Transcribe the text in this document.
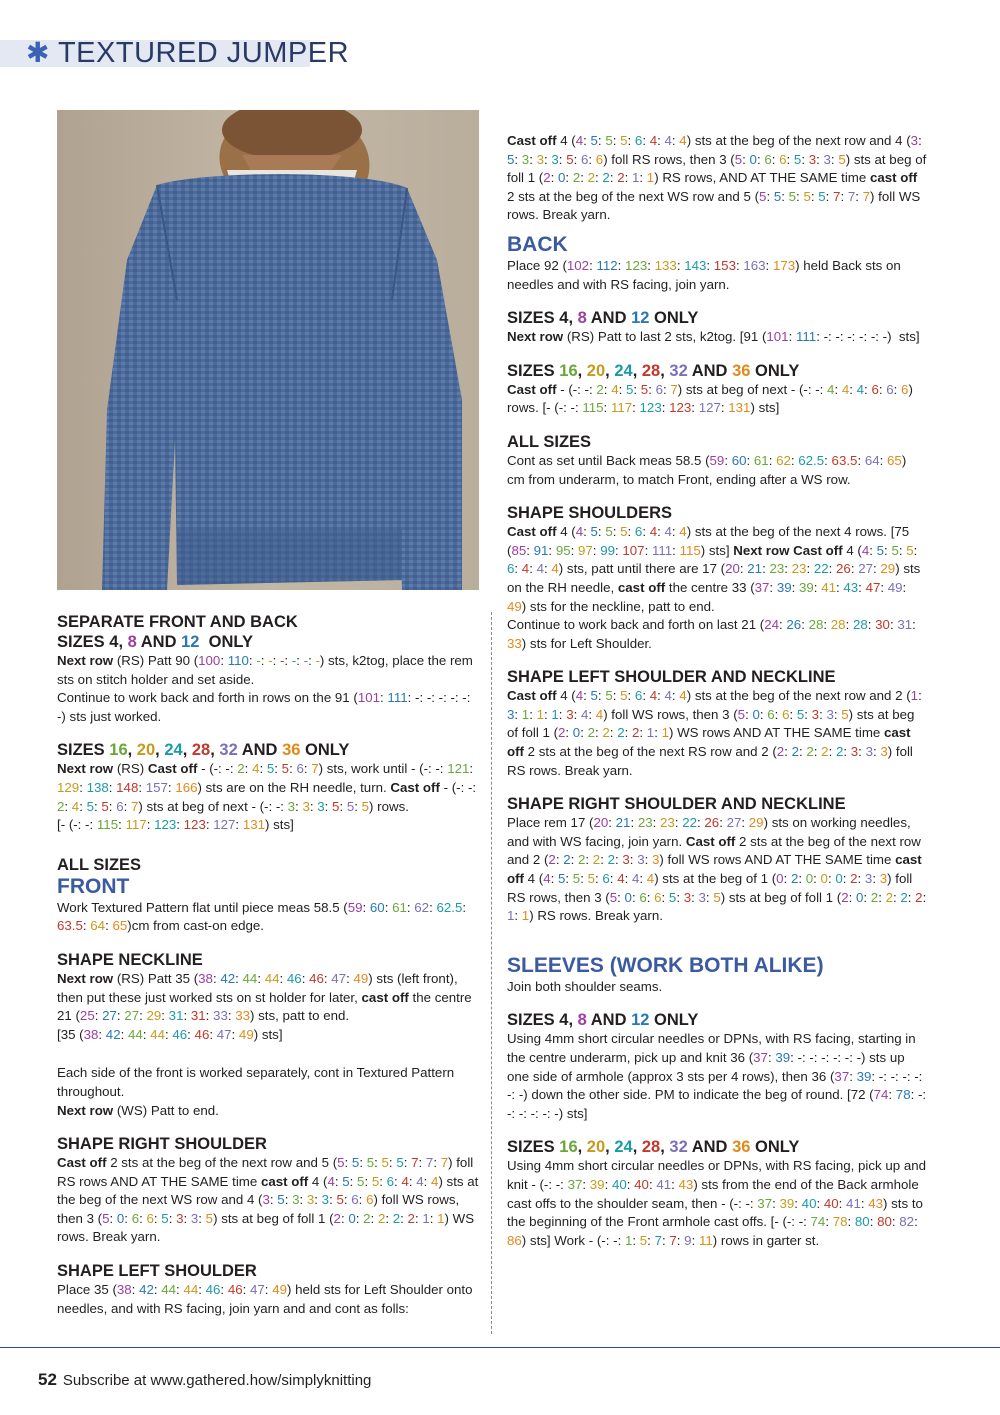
✱ TEXTURED JUMPER

SEPARATE FRONT AND BACK

SIZES 4, 8 AND 12  ONLY

Next row (RS) Patt 90 (100: 110: -: -: -: -: -: -) sts, k2tog, place the rem sts on stitch holder and set aside.

Continue to work back and forth in rows on the 91 (101: 111: -: -: -: -: -: -) sts just worked.

SIZES 16, 20, 24, 28, 32 AND 36 ONLY

Next row (RS) Cast off - (-: -: 2: 4: 5: 5: 6: 7) sts, work until - (-: -: 121: 129: 138: 148: 157: 166) sts are on the RH needle, turn. Cast off - (-: -: 2: 4: 5: 5: 6: 7) sts at beg of next - (-: -: 3: 3: 3: 5: 5: 5) rows.

[- (-: -: 115: 117: 123: 123: 127: 131) sts]

ALL SIZES

FRONT

Work Textured Pattern flat until piece meas 58.5 (59: 60: 61: 62: 62.5: 63.5: 64: 65)cm from cast-on edge.

SHAPE NECKLINE

Next row (RS) Patt 35 (38: 42: 44: 44: 46: 46: 47: 49) sts (left front), then put these just worked sts on st holder for later, cast off the centre 21 (25: 27: 27: 29: 31: 31: 33: 33) sts, patt to end.

[35 (38: 42: 44: 44: 46: 46: 47: 49) sts]

Each side of the front is worked separately, cont in Textured Pattern throughout.

Next row (WS) Patt to end.

SHAPE RIGHT SHOULDER

Cast off 2 sts at the beg of the next row and 5 (5: 5: 5: 5: 5: 7: 7: 7) foll RS rows AND AT THE SAME time cast off 4 (4: 5: 5: 5: 6: 4: 4: 4) sts at the beg of the next WS row and 4 (3: 5: 3: 3: 3: 5: 6: 6) foll WS rows, then 3 (5: 0: 6: 6: 5: 3: 3: 5) sts at beg of foll 1 (2: 0: 2: 2: 2: 2: 1: 1) WS rows. Break yarn.

SHAPE LEFT SHOULDER

Place 35 (38: 42: 44: 44: 46: 46: 47: 49) held sts for Left Shoulder onto needles, and with RS facing, join yarn and and cont as folls:

Cast off 4 (4: 5: 5: 5: 6: 4: 4: 4) sts at the beg of the next row and 4 (3: 5: 3: 3: 3: 5: 6: 6) foll RS rows, then 3 (5: 0: 6: 6: 5: 3: 3: 5) sts at beg of foll 1 (2: 0: 2: 2: 2: 2: 1: 1) RS rows, AND AT THE SAME time cast off 2 sts at the beg of the next WS row and 5 (5: 5: 5: 5: 5: 7: 7: 7) foll WS rows. Break yarn.

BACK

Place 92 (102: 112: 123: 133: 143: 153: 163: 173) held Back sts on needles and with RS facing, join yarn.

SIZES 4, 8 AND 12 ONLY

Next row (RS) Patt to last 2 sts, k2tog. [91 (101: 111: -: -: -: -: -: -)  sts]

SIZES 16, 20, 24, 28, 32 AND 36 ONLY

Cast off - (-: -: 2: 4: 5: 5: 6: 7) sts at beg of next - (-: -: 4: 4: 4: 6: 6: 6) rows. [- (-: -: 115: 117: 123: 123: 127: 131) sts]

ALL SIZES

Cont as set until Back meas 58.5 (59: 60: 61: 62: 62.5: 63.5: 64: 65) cm from underarm, to match Front, ending after a WS row.

SHAPE SHOULDERS

Cast off 4 (4: 5: 5: 5: 6: 4: 4: 4) sts at the beg of the next 4 rows. [75 (85: 91: 95: 97: 99: 107: 111: 115) sts] Next row Cast off 4 (4: 5: 5: 5: 6: 4: 4: 4) sts, patt until there are 17 (20: 21: 23: 23: 22: 26: 27: 29) sts on the RH needle, cast off the centre 33 (37: 39: 39: 41: 43: 47: 49: 49) sts for the neckline, patt to end.

Continue to work back and forth on last 21 (24: 26: 28: 28: 28: 30: 31: 33) sts for Left Shoulder.

SHAPE LEFT SHOULDER AND NECKLINE

Cast off 4 (4: 5: 5: 5: 6: 4: 4: 4) sts at the beg of the next row and 2 (1: 3: 1: 1: 1: 3: 4: 4) foll WS rows, then 3 (5: 0: 6: 6: 5: 3: 3: 5) sts at beg of foll 1 (2: 0: 2: 2: 2: 2: 1: 1) WS rows AND AT THE SAME time cast off 2 sts at the beg of the next RS row and 2 (2: 2: 2: 2: 2: 3: 3: 3) foll RS rows. Break yarn.

SHAPE RIGHT SHOULDER AND NECKLINE

Place rem 17 (20: 21: 23: 23: 22: 26: 27: 29) sts on working needles, and with WS facing, join yarn. Cast off 2 sts at the beg of the next row and 2 (2: 2: 2: 2: 2: 3: 3: 3) foll WS rows AND AT THE SAME time cast off 4 (4: 5: 5: 5: 6: 4: 4: 4) sts at the beg of 1 (0: 2: 0: 0: 0: 2: 3: 3) foll RS rows, then 3 (5: 0: 6: 6: 5: 3: 3: 5) sts at beg of foll 1 (2: 0: 2: 2: 2: 2: 1: 1) RS rows. Break yarn.

SLEEVES (WORK BOTH ALIKE)

Join both shoulder seams.

SIZES 4, 8 AND 12 ONLY

Using 4mm short circular needles or DPNs, with RS facing, starting in the centre underarm, pick up and knit 36 (37: 39: -: -: -: -: -: -) sts up one side of armhole (approx 3 sts per 4 rows), then 36 (37: 39: -: -: -: -: -: -) down the other side. PM to indicate the beg of round. [72 (74: 78: -: -: -: -: -: -) sts]

SIZES 16, 20, 24, 28, 32 AND 36 ONLY

Using 4mm short circular needles or DPNs, with RS facing, pick up and knit - (-: -: 37: 39: 40: 40: 41: 43) sts from the end of the Back armhole cast offs to the shoulder seam, then - (-: -: 37: 39: 40: 40: 41: 43) sts to the beginning of the Front armhole cast offs. [- (-: -: 74: 78: 80: 80: 82: 86) sts] Work - (-: -: 1: 5: 7: 7: 9: 11) rows in garter st.

52 Subscribe at www.gathered.how/simplyknitting
